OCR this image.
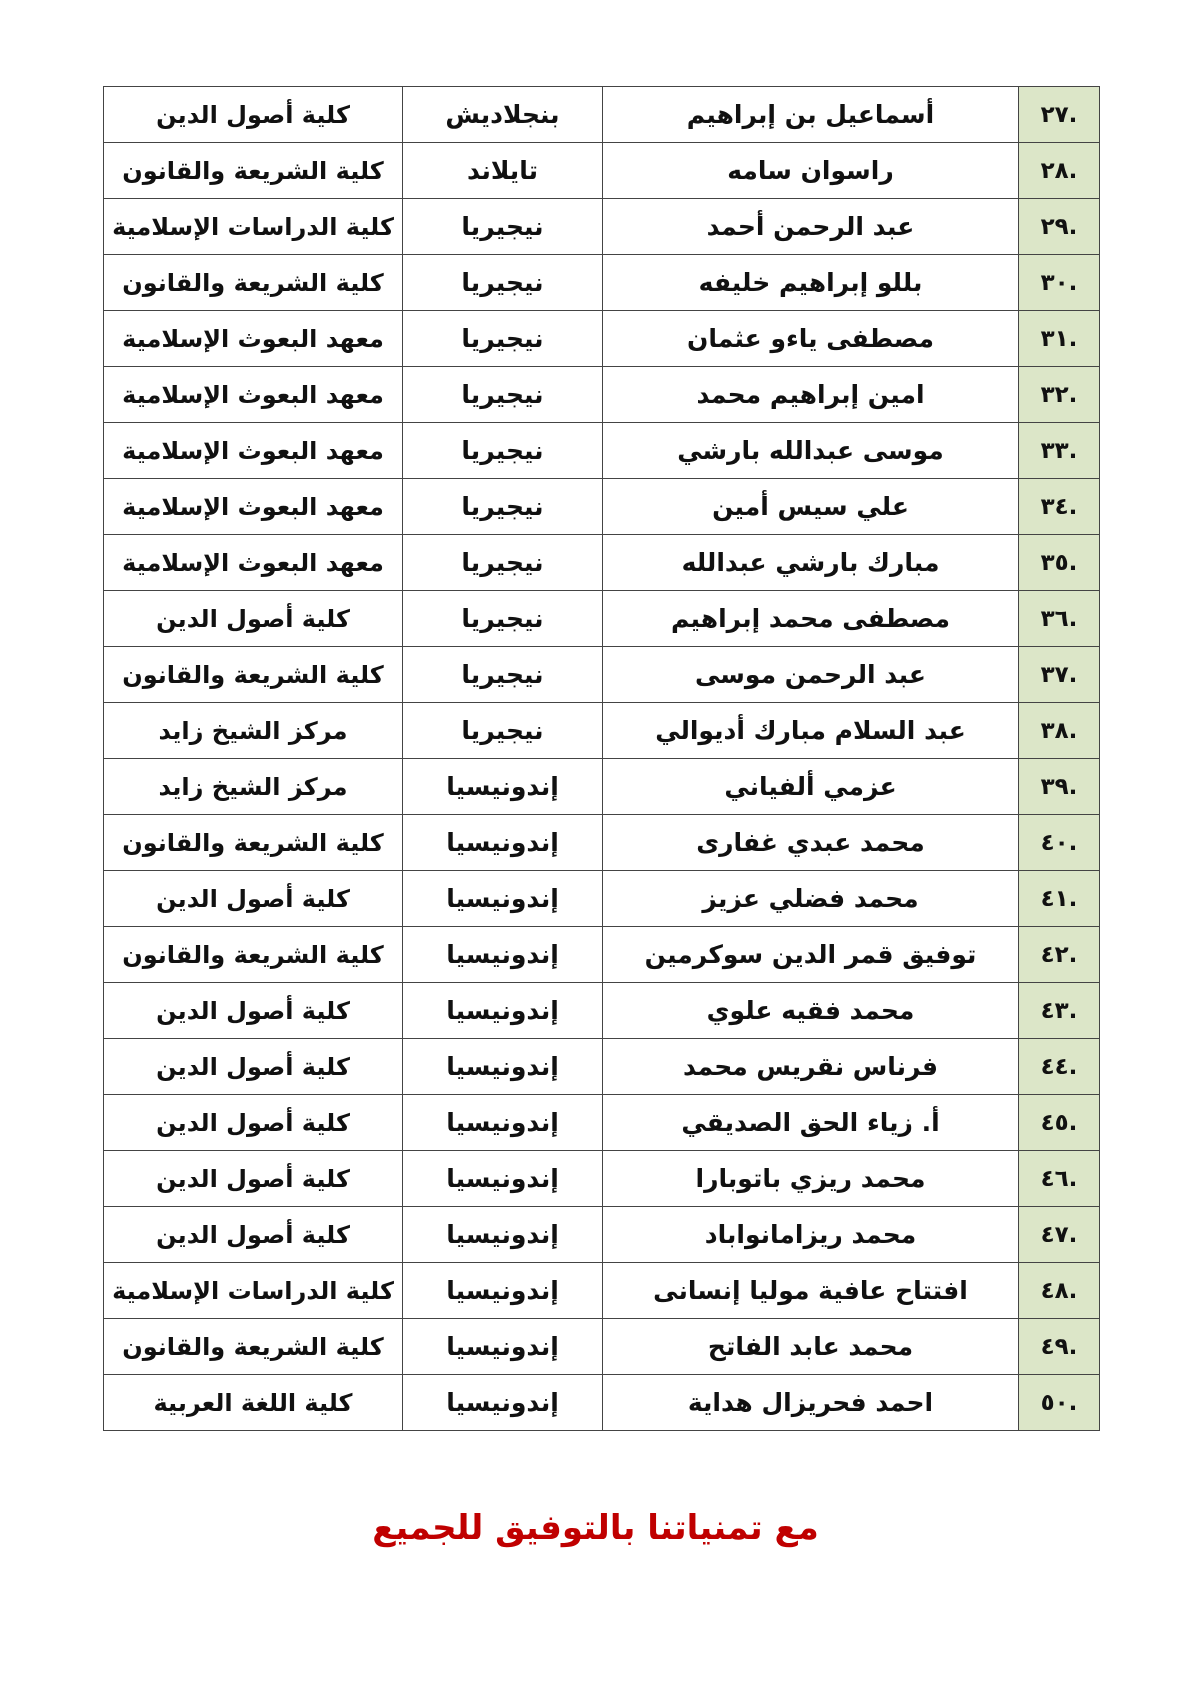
.٢٧	أسماعيل بن إبراهيم	بنجلاديش	كلية أصول الدين
.٢٨	راسوان سامه	تايلاند	كلية الشريعة والقانون
.٢٩	عبد الرحمن أحمد	نيجيريا	كلية الدراسات الإسلامية
.٣٠	بللو إبراهيم خليفه	نيجيريا	كلية الشريعة والقانون
.٣١	مصطفى ياءو عثمان	نيجيريا	معهد البعوث الإسلامية
.٣٢	امين إبراهيم محمد	نيجيريا	معهد البعوث الإسلامية
.٣٣	موسى عبدالله بارشي	نيجيريا	معهد البعوث الإسلامية
.٣٤	علي سيس أمين	نيجيريا	معهد البعوث الإسلامية
.٣٥	مبارك بارشي عبدالله	نيجيريا	معهد البعوث الإسلامية
.٣٦	مصطفى محمد إبراهيم	نيجيريا	كلية أصول الدين
.٣٧	عبد الرحمن موسى	نيجيريا	كلية الشريعة والقانون
.٣٨	عبد السلام مبارك أديوالي	نيجيريا	مركز الشيخ زايد
.٣٩	عزمي ألفياني	إندونيسيا	مركز الشيخ زايد
.٤٠	محمد عبدي غفارى	إندونيسيا	كلية الشريعة والقانون
.٤١	محمد فضلي عزيز	إندونيسيا	كلية أصول الدين
.٤٢	توفيق قمر الدين سوكرمين	إندونيسيا	كلية الشريعة والقانون
.٤٣	محمد فقيه علوي	إندونيسيا	كلية أصول الدين
.٤٤	فرناس نقريس محمد	إندونيسيا	كلية أصول الدين
.٤٥	أ. زياء الحق الصديقي	إندونيسيا	كلية أصول الدين
.٤٦	محمد ريزي باتوبارا	إندونيسيا	كلية أصول الدين
.٤٧	محمد ريزامانواباد	إندونيسيا	كلية أصول الدين
.٤٨	افتتاح عافية موليا إنسانى	إندونيسيا	كلية الدراسات الإسلامية
.٤٩	محمد عابد الفاتح	إندونيسيا	كلية الشريعة والقانون
.٥٠	احمد فحريزال هداية	إندونيسيا	كلية اللغة العربية
مع تمنياتنا بالتوفيق للجميع
